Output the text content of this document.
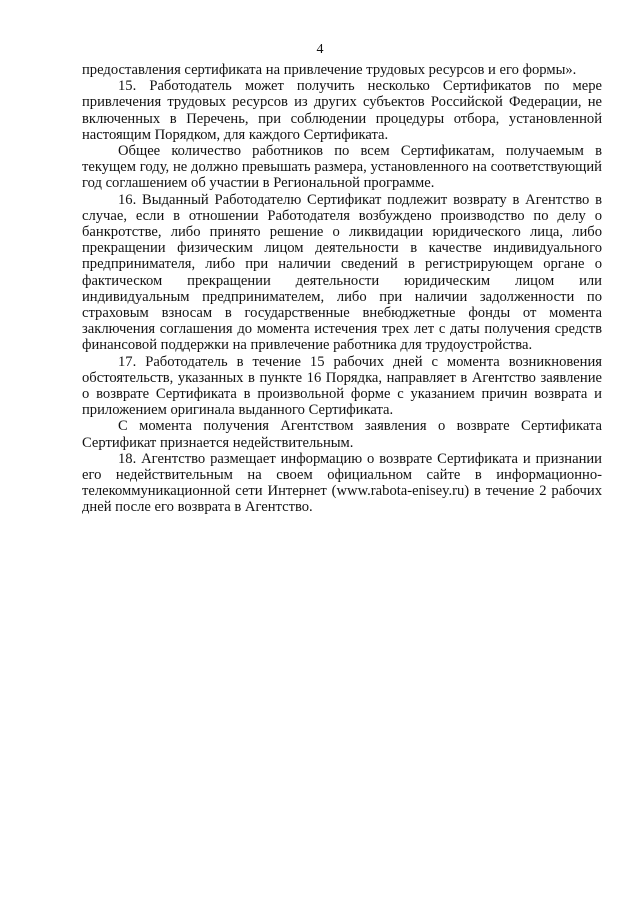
4

предоставления сертификата на привлечение трудовых ресурсов и его формы».

15. Работодатель может получить несколько Сертификатов по мере привлечения трудовых ресурсов из других субъектов Российской Федерации, не включенных в Перечень, при соблюдении процедуры отбора, установленной настоящим Порядком, для каждого Сертификата.

Общее количество работников по всем Сертификатам, получаемым в текущем году, не должно превышать размера, установленного на соответствующий год соглашением об участии в Региональной программе.

16. Выданный Работодателю Сертификат подлежит возврату в Агентство в случае, если в отношении Работодателя возбуждено производство по делу о банкротстве, либо принято решение о ликвидации юридического лица, либо прекращении физическим лицом деятельности в качестве индивидуального предпринимателя, либо при наличии сведений в регистрирующем органе о фактическом прекращении деятельности юридическим лицом или индивидуальным предпринимателем, либо при наличии задолженности по страховым взносам в государственные внебюджетные фонды от момента заключения соглашения до момента истечения трех лет с даты получения средств финансовой поддержки на привлечение работника для трудоустройства.

17. Работодатель в течение 15 рабочих дней с момента возникновения обстоятельств, указанных в пункте 16 Порядка, направляет в Агентство заявление о возврате Сертификата в произвольной форме с указанием причин возврата и приложением оригинала выданного Сертификата.

С момента получения Агентством заявления о возврате Сертификата Сертификат признается недействительным.

18. Агентство размещает информацию о возврате Сертификата и признании его недействительным на своем официальном сайте в информационно-телекоммуникационной сети Интернет (www.rabota-enisey.ru) в течение 2 рабочих дней после его возврата в Агентство.
